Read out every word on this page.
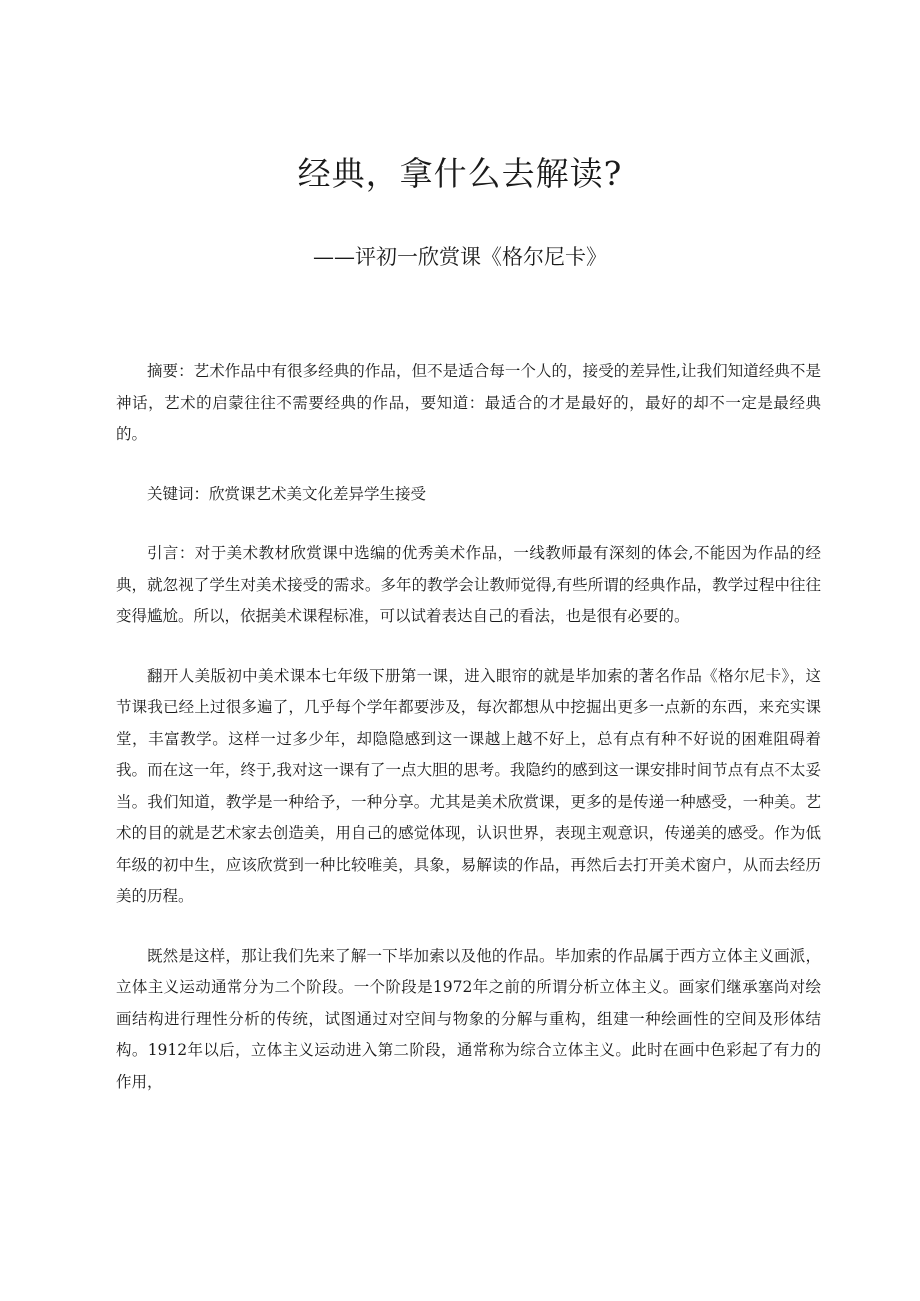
经典，拿什么去解读?
——评初一欣赏课《格尔尼卡》

摘要：艺术作品中有很多经典的作品，但不是适合每一个人的，接受的差异性,让我们知道经典不是神话，艺术的启蒙往往不需要经典的作品，要知道：最适合的才是最好的，最好的却不一定是最经典的。

关键词：欣赏课艺术美文化差异学生接受

引言：对于美术教材欣赏课中选编的优秀美术作品，一线教师最有深刻的体会,不能因为作品的经典，就忽视了学生对美术接受的需求。多年的教学会让教师觉得,有些所谓的经典作品，教学过程中往往变得尴尬。所以，依据美术课程标准，可以试着表达自己的看法，也是很有必要的。

翻开人美版初中美术课本七年级下册第一课，进入眼帘的就是毕加索的著名作品《格尔尼卡》，这节课我已经上过很多遍了，几乎每个学年都要涉及，每次都想从中挖掘出更多一点新的东西，来充实课堂，丰富教学。这样一过多少年，却隐隐感到这一课越上越不好上，总有点有种不好说的困难阻碍着我。而在这一年，终于,我对这一课有了一点大胆的思考。我隐约的感到这一课安排时间节点有点不太妥当。我们知道，教学是一种给予，一种分享。尤其是美术欣赏课，更多的是传递一种感受，一种美。艺术的目的就是艺术家去创造美，用自己的感觉体现，认识世界，表现主观意识，传递美的感受。作为低年级的初中生，应该欣赏到一种比较唯美，具象，易解读的作品，再然后去打开美术窗户，从而去经历美的历程。

既然是这样，那让我们先来了解一下毕加索以及他的作品。毕加索的作品属于西方立体主义画派，立体主义运动通常分为二个阶段。一个阶段是1972年之前的所谓分析立体主义。画家们继承塞尚对绘画结构进行理性分析的传统，试图通过对空间与物象的分解与重构，组建一种绘画性的空间及形体结构。1912年以后，立体主义运动进入第二阶段，通常称为综合立体主义。此时在画中色彩起了有力的作用，
